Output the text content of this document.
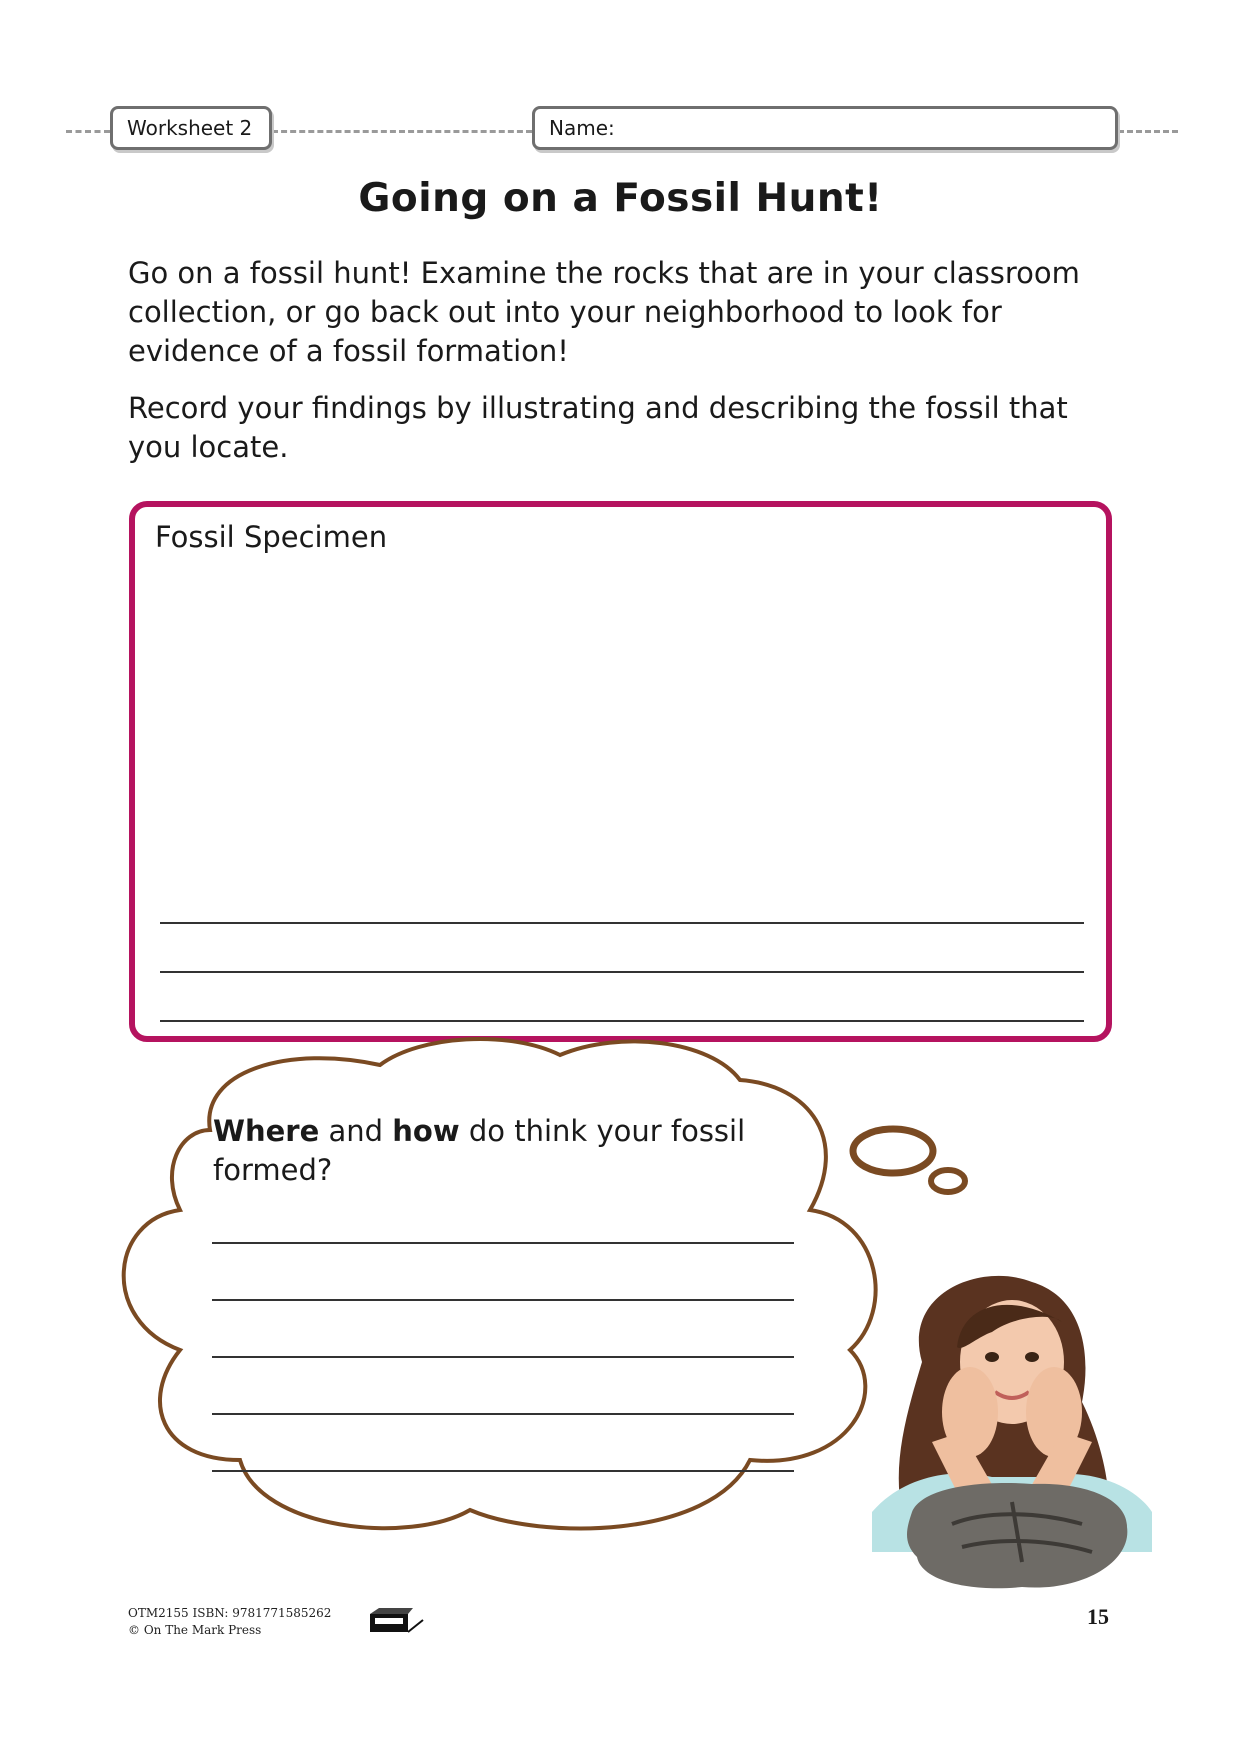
Worksheet 2	Name:
Going on a Fossil Hunt!
Go on a fossil hunt! Examine the rocks that are in your classroom collection, or go back out into your neighborhood to look for evidence of a fossil formation!
Record your findings by illustrating and describing the fossil that you locate.
Fossil Specimen
Where and how do think your fossil formed?
OTM2155 ISBN: 9781771585262
© On The Mark Press
15
